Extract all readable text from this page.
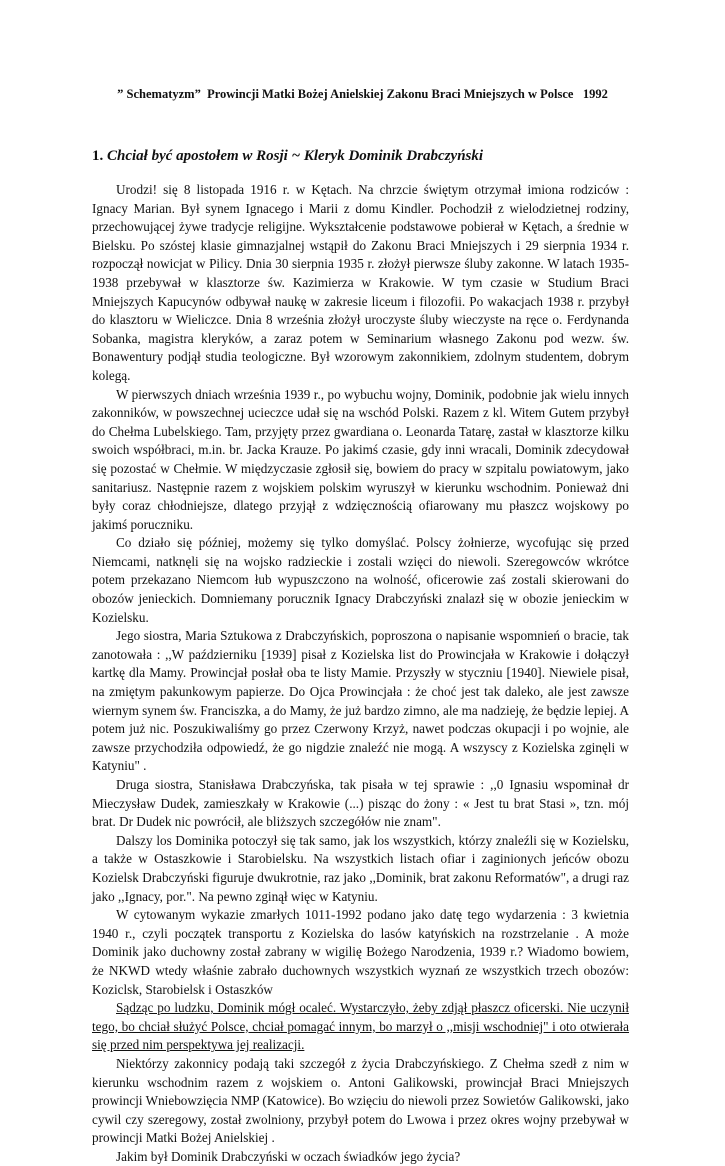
” Schematyzm”  Prowincji Matki Bożej Anielskiej Zakonu Braci Mniejszych w Polsce   1992
1. Chciał być apostołem w Rosji ~ Kleryk Dominik Drabczyński

Urodzi! się 8 listopada 1916 r. w Kętach. Na chrzcie świętym otrzymał imiona rodziców : Ignacy Marian. Był synem Ignacego i Marii z domu Kindler. Pochodził z wielodzietnej rodziny, przechowującej żywe tradycje religijne. Wykształcenie podstawowe pobierał w Kętach, a średnie w Bielsku. Po szóstej klasie gimnazjalnej wstąpił do Zakonu Braci Mniejszych i 29 sierpnia 1934 r. rozpoczął nowicjat w Pilicy. Dnia 30 sierpnia 1935 r. złożył pierwsze śluby zakonne. W latach 1935-1938 przebywał w klasztorze św. Kazimierza w Krakowie. W tym czasie w Studium Braci Mniejszych Kapucynów odbywał naukę w zakresie liceum i filozofii. Po wakacjach 1938 r. przybył do klasztoru w Wieliczce. Dnia 8 września złożył uroczyste śluby wieczyste na ręce o. Ferdynanda Sobanka, magistra kleryków, a zaraz potem w Seminarium własnego Zakonu pod wezw. św. Bonawentury podjął studia teologiczne. Był wzorowym zakonnikiem, zdolnym studentem, dobrym kolegą.

W pierwszych dniach września 1939 r., po wybuchu wojny, Dominik, podobnie jak wielu innych zakonników, w powszechnej ucieczce udał się na wschód Polski. Razem z kl. Witem Gutem przybył do Chełma Lubelskiego. Tam, przyjęty przez gwardiana o. Leonarda Tatarę, zastał w klasztorze kilku swoich współbraci, m.in. br. Jacka Krauze. Po jakimś czasie, gdy inni wracali, Dominik zdecydował się pozostać w Chełmie. W międzyczasie zgłosił się, bowiem do pracy w szpitalu powiatowym, jako sanitariusz. Następnie razem z wojskiem polskim wyruszył w kierunku wschodnim. Ponieważ dni były coraz chłodniejsze, dlatego przyjął z wdzięcznością ofiarowany mu płaszcz wojskowy po jakimś poruczniku.

Co działo się później, możemy się tylko domyślać. Polscy żołnierze, wycofując się przed Niemcami, natknęli się na wojsko radzieckie i zostali wzięci do niewoli. Szeregowców wkrótce potem przekazano Niemcom łub wypuszczono na wolność, oficerowie zaś zostali skierowani do obozów jenieckich. Domniemany porucznik Ignacy Drabczyński znalazł się w obozie jenieckim w Kozielsku.

Jego siostra, Maria Sztukowa z Drabczyńskich, poproszona o napisanie wspomnień o bracie, tak zanotowała : ,,W październiku [1939] pisał z Kozielska list do Prowincjała w Krakowie i dołączył kartkę dla Mamy. Prowincjał posłał oba te listy Mamie. Przyszły w styczniu [1940]. Niewiele pisał, na zmiętym pakunkowym papierze. Do Ojca Prowincjała : że choć jest tak daleko, ale jest zawsze wiernym synem św. Franciszka, a do Mamy, że już bardzo zimno, ale ma nadzieję, że będzie lepiej. A potem już nic. Poszukiwaliśmy go przez Czerwony Krzyż, nawet podczas okupacji i po wojnie, ale zawsze przychodziła odpowiedź, że go nigdzie znaleźć nie mogą. A wszyscy z Kozielska zginęli w Katyniu" .

Druga siostra, Stanisława Drabczyńska, tak pisała w tej sprawie : ,,0 Ignasiu wspominał dr Mieczysław Dudek, zamieszkały w Krakowie (...) pisząc do żony : « Jest tu brat Stasi », tzn. mój brat. Dr Dudek nic powrócił, ale bliższych szczegółów nie znam".

Dalszy los Dominika potoczył się tak samo, jak los wszystkich, którzy znaleźli się w Kozielsku, a także w Ostaszkowie i Starobielsku. Na wszystkich listach ofiar i zaginionych jeńców obozu Kozielsk Drabczyński figuruje dwukrotnie, raz jako ,,Dominik, brat zakonu Reformatów", a drugi raz jako ,,Ignacy, por.". Na pewno zginął więc w Katyniu.

W cytowanym wykazie zmarłych 1011-1992 podano jako datę tego wydarzenia : 3 kwietnia 1940 r., czyli początek transportu z Kozielska do lasów katyńskich na rozstrzelanie . A może Dominik jako duchowny został zabrany w wigilię Bożego Narodzenia, 1939 r.? Wiadomo bowiem, że NKWD wtedy właśnie zabrało duchownych wszystkich wyznań ze wszystkich trzech obozów: Koziclsk, Starobielsk i Ostaszków

Sądząc po ludzku, Dominik mógł ocaleć. Wystarczyło, żeby zdjął płaszcz oficerski. Nie uczynił tego, bo chciał służyć Polsce, chciał pomagać innym, bo marzył o ,,misji wschodniej" i oto otwierała się przed nim perspektywa jej realizacji.

Niektórzy zakonnicy podają taki szczegół z życia Drabczyńskiego. Z Chełma szedł z nim w kierunku wschodnim razem z wojskiem o. Antoni Galikowski, prowincjał Braci Mniejszych prowincji Wniebowzięcia NMP (Katowice). Bo wzięciu do niewoli przez Sowietów Galikowski, jako cywil czy szeregowy, został zwolniony, przybył potem do Lwowa i przez okres wojny przebywał w prowincji Matki Bożej Anielskiej .

Jakim był Dominik Drabczyński w oczach świadków jego życia?
